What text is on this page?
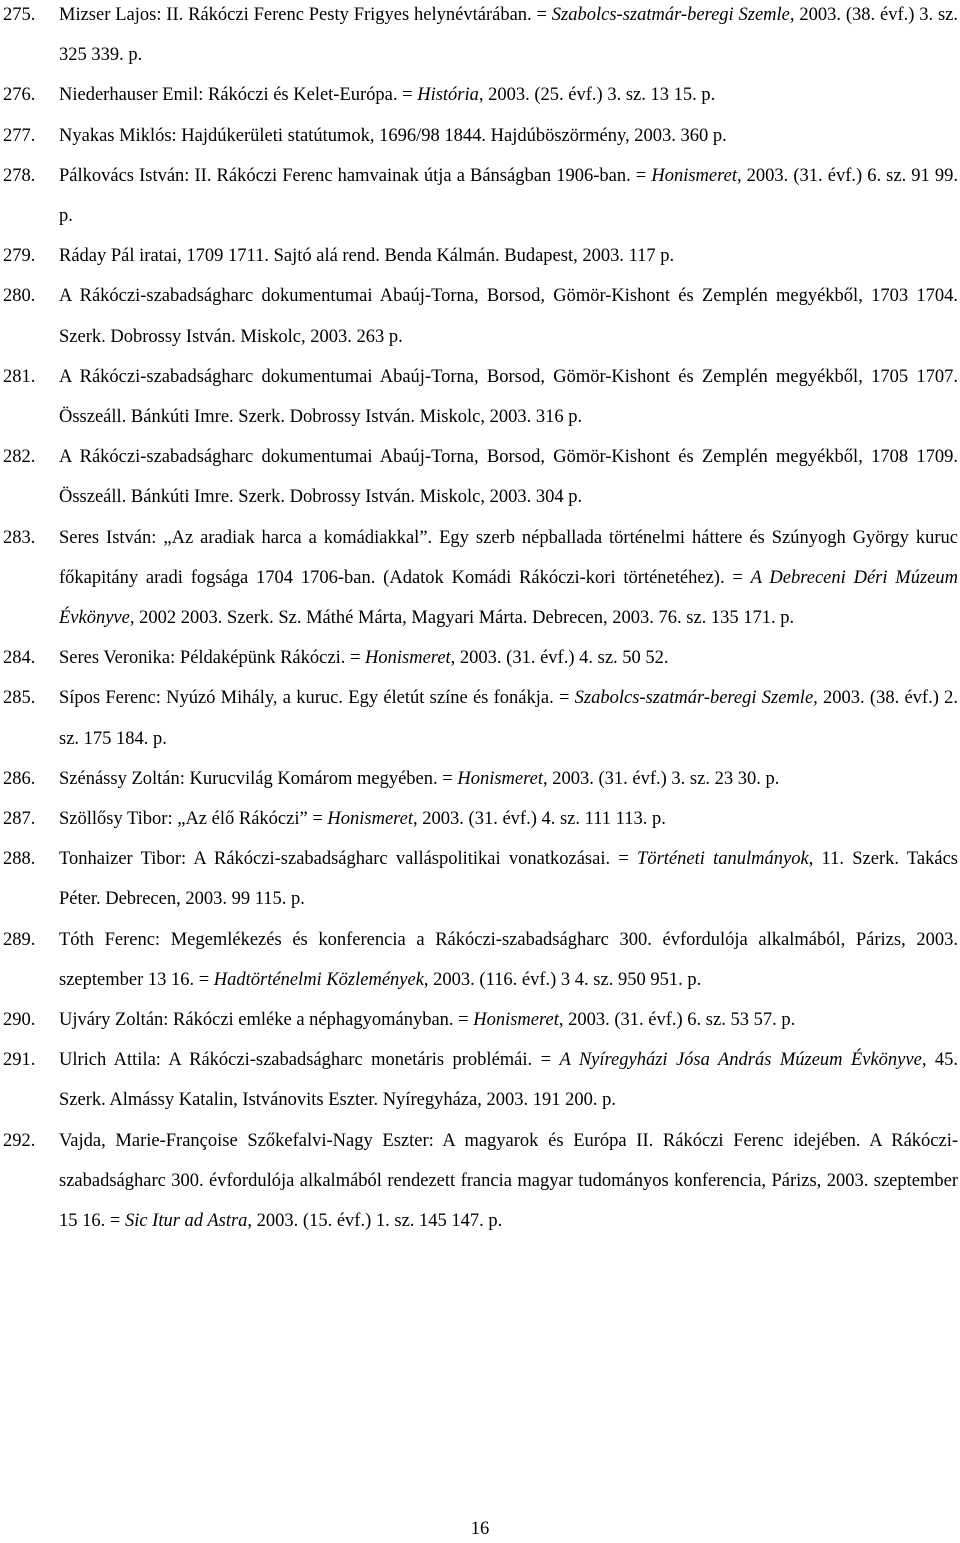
275. Mizser Lajos: II. Rákóczi Ferenc Pesty Frigyes helynévtárában. = Szabolcs-szatmár-beregi Szemle, 2003. (38. évf.) 3. sz. 325 339. p.
276. Niederhauser Emil: Rákóczi és Kelet-Európa. = História, 2003. (25. évf.) 3. sz. 13 15. p.
277. Nyakas Miklós: Hajdúkerületi statútumok, 1696/98 1844. Hajdúböszörmény, 2003. 360 p.
278. Pálkovács István: II. Rákóczi Ferenc hamvainak útja a Bánságban 1906-ban. = Honismeret, 2003. (31. évf.) 6. sz. 91 99. p.
279. Ráday Pál iratai, 1709 1711. Sajtó alá rend. Benda Kálmán. Budapest, 2003. 117 p.
280. A Rákóczi-szabadságharc dokumentumai Abaúj-Torna, Borsod, Gömör-Kishont és Zemplén megyékből, 1703 1704. Szerk. Dobrossy István. Miskolc, 2003. 263 p.
281. A Rákóczi-szabadságharc dokumentumai Abaúj-Torna, Borsod, Gömör-Kishont és Zemplén megyékből, 1705 1707. Összeáll. Bánkúti Imre. Szerk. Dobrossy István. Miskolc, 2003. 316 p.
282. A Rákóczi-szabadságharc dokumentumai Abaúj-Torna, Borsod, Gömör-Kishont és Zemplén megyékből, 1708 1709. Összeáll. Bánkúti Imre. Szerk. Dobrossy István. Miskolc, 2003. 304 p.
283. Seres István: „Az aradiak harca a komádiakkal”. Egy szerb népballada történelmi háttere és Szúnyogh György kuruc főkapitány aradi fogsága 1704 1706-ban. (Adatok Komádi Rákóczi-kori történetéhez). = A Debreceni Déri Múzeum Évkönyve, 2002 2003. Szerk. Sz. Máthé Márta, Magyari Márta. Debrecen, 2003. 76. sz. 135 171. p.
284. Seres Veronika: Példaképünk Rákóczi. = Honismeret, 2003. (31. évf.) 4. sz. 50 52.
285. Sípos Ferenc: Nyúzó Mihály, a kuruc. Egy életút színe és fonákja. = Szabolcs-szatmár-beregi Szemle, 2003. (38. évf.) 2. sz. 175 184. p.
286. Szénássy Zoltán: Kurucvilág Komárom megyében. = Honismeret, 2003. (31. évf.) 3. sz. 23 30. p.
287. Szöllősy Tibor: „Az élő Rákóczi” = Honismeret, 2003. (31. évf.) 4. sz. 111 113. p.
288. Tonhaizer Tibor: A Rákóczi-szabadságharc valláspolitikai vonatkozásai. = Történeti tanulmányok, 11. Szerk. Takács Péter. Debrecen, 2003. 99 115. p.
289. Tóth Ferenc: Megemlékezés és konferencia a Rákóczi-szabadságharc 300. évfordulója alkalmából, Párizs, 2003. szeptember 13 16. = Hadtörténelmi Közlemények, 2003. (116. évf.) 3 4. sz. 950 951. p.
290. Ujváry Zoltán: Rákóczi emléke a néphagyományban. = Honismeret, 2003. (31. évf.) 6. sz. 53 57. p.
291. Ulrich Attila: A Rákóczi-szabadságharc monetáris problémái. = A Nyíregyházi Jósa András Múzeum Évkönyve, 45. Szerk. Almássy Katalin, Istvánovits Eszter. Nyíregyháza, 2003. 191 200. p.
292. Vajda, Marie-Françoise Szőkefalvi-Nagy Eszter: A magyarok és Európa II. Rákóczi Ferenc idejében. A Rákóczi-szabadságharc 300. évfordulója alkalmából rendezett francia magyar tudományos konferencia, Párizs, 2003. szeptember 15 16. = Sic Itur ad Astra, 2003. (15. évf.) 1. sz. 145 147. p.
16
